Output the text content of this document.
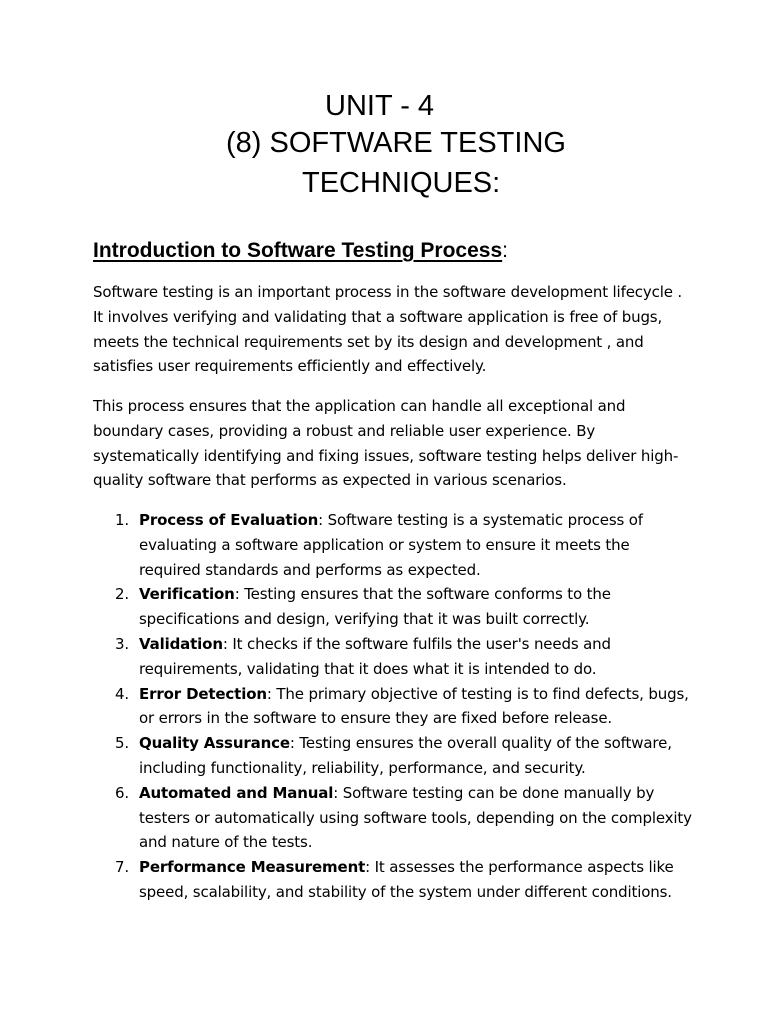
UNIT - 4
(8) SOFTWARE TESTING
TECHNIQUES:
Introduction to Software Testing Process:

Software testing is an important process in the software development lifecycle . It involves verifying and validating that a software application is free of bugs, meets the technical requirements set by its design and development , and satisfies user requirements efficiently and effectively.

This process ensures that the application can handle all exceptional and boundary cases, providing a robust and reliable user experience. By systematically identifying and fixing issues, software testing helps deliver high-quality software that performs as expected in various scenarios.

1. Process of Evaluation: Software testing is a systematic process of evaluating a software application or system to ensure it meets the required standards and performs as expected.
2. Verification: Testing ensures that the software conforms to the specifications and design, verifying that it was built correctly.
3. Validation: It checks if the software fulfils the user's needs and requirements, validating that it does what it is intended to do.
4. Error Detection: The primary objective of testing is to find defects, bugs, or errors in the software to ensure they are fixed before release.
5. Quality Assurance: Testing ensures the overall quality of the software, including functionality, reliability, performance, and security.
6. Automated and Manual: Software testing can be done manually by testers or automatically using software tools, depending on the complexity and nature of the tests.
7. Performance Measurement: It assesses the performance aspects like speed, scalability, and stability of the system under different conditions.
